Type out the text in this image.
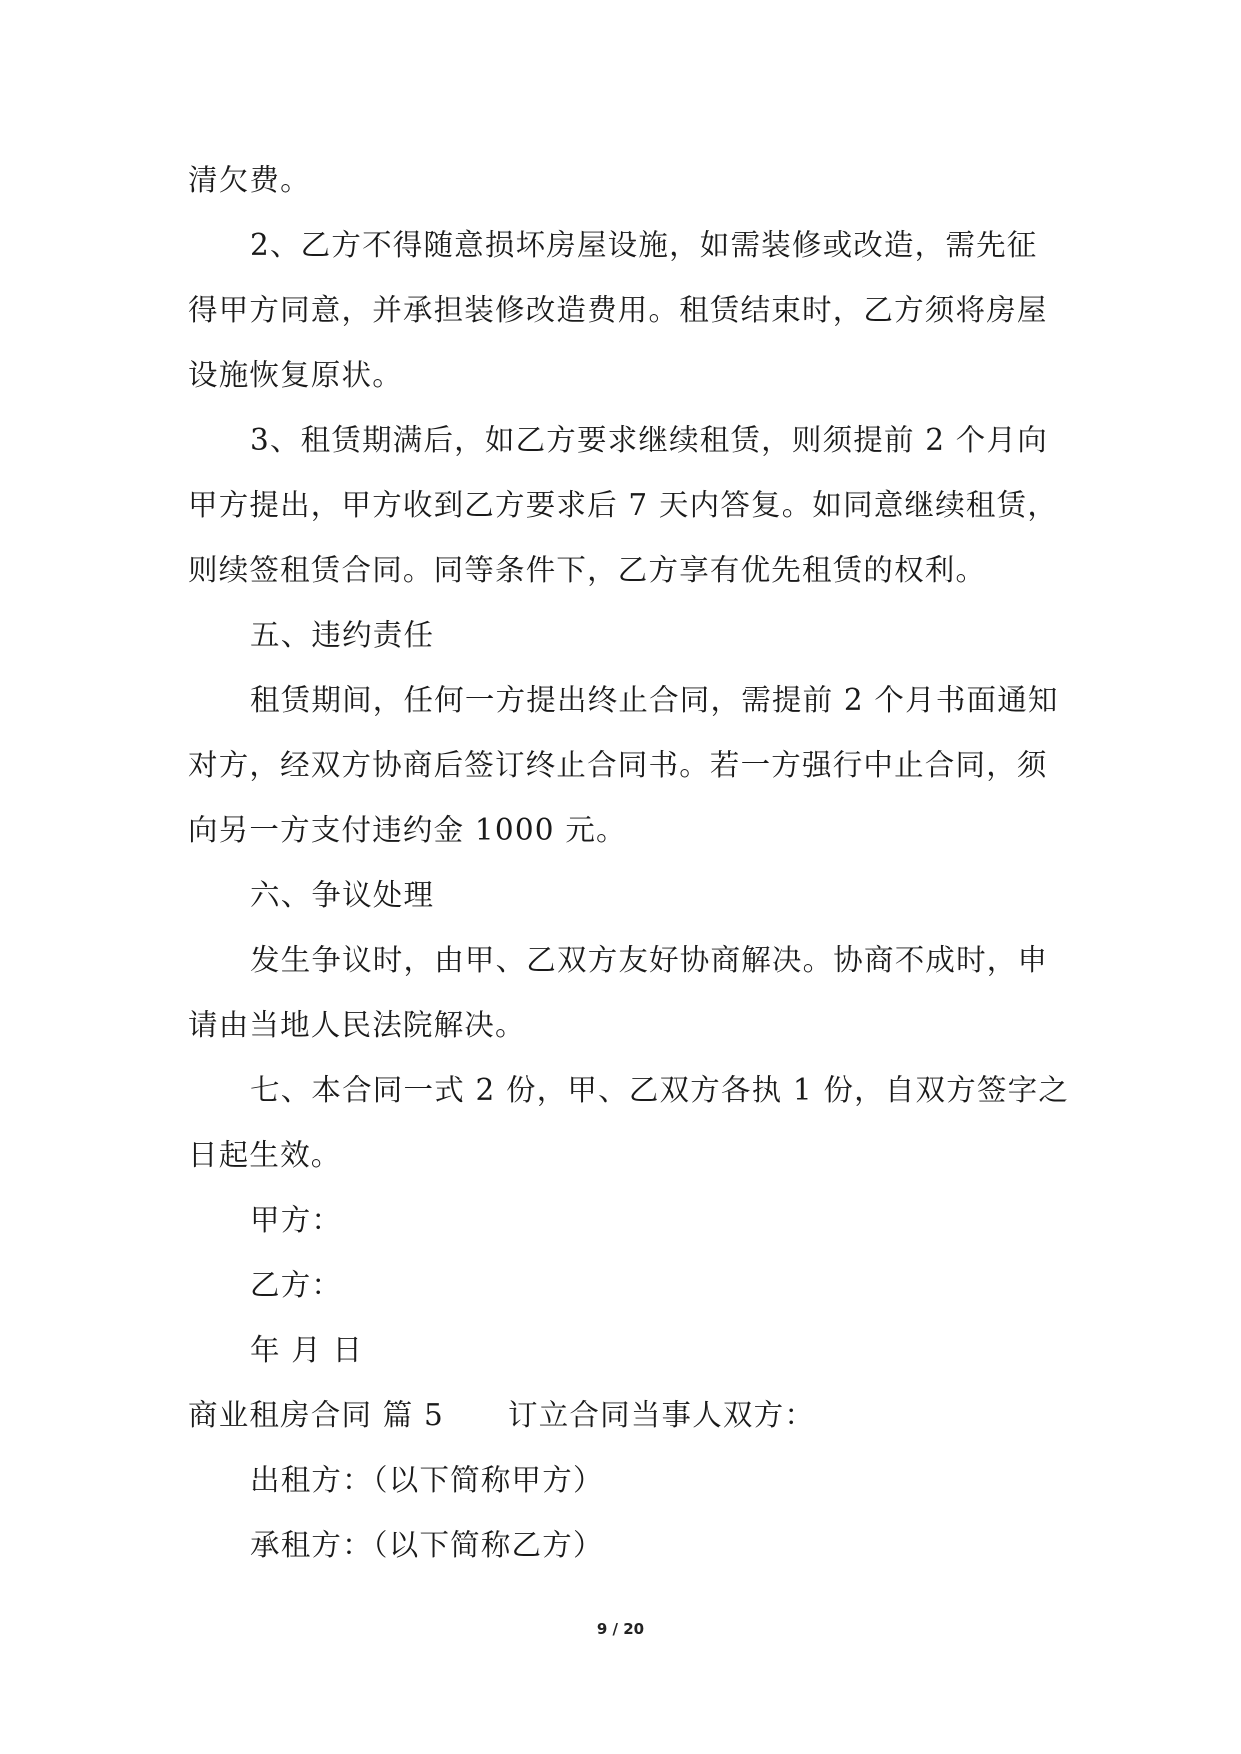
清欠费。
2、乙方不得随意损坏房屋设施，如需装修或改造，需先征
得甲方同意，并承担装修改造费用。租赁结束时，乙方须将房屋
设施恢复原状。
3、租赁期满后，如乙方要求继续租赁，则须提前 2 个月向
甲方提出，甲方收到乙方要求后 7 天内答复。如同意继续租赁，
则续签租赁合同。同等条件下，乙方享有优先租赁的权利。
五、违约责任
租赁期间，任何一方提出终止合同，需提前 2 个月书面通知
对方，经双方协商后签订终止合同书。若一方强行中止合同，须
向另一方支付违约金 1000 元。
六、争议处理
发生争议时，由甲、乙双方友好协商解决。协商不成时，申
请由当地人民法院解决。
七、本合同一式 2 份，甲、乙双方各执 1 份，自双方签字之
日起生效。
甲方：
乙方：
年 月 日
商业租房合同 篇 5 订立合同当事人双方：
出租方：（以下简称甲方）
承租方：（以下简称乙方）
9 / 20
